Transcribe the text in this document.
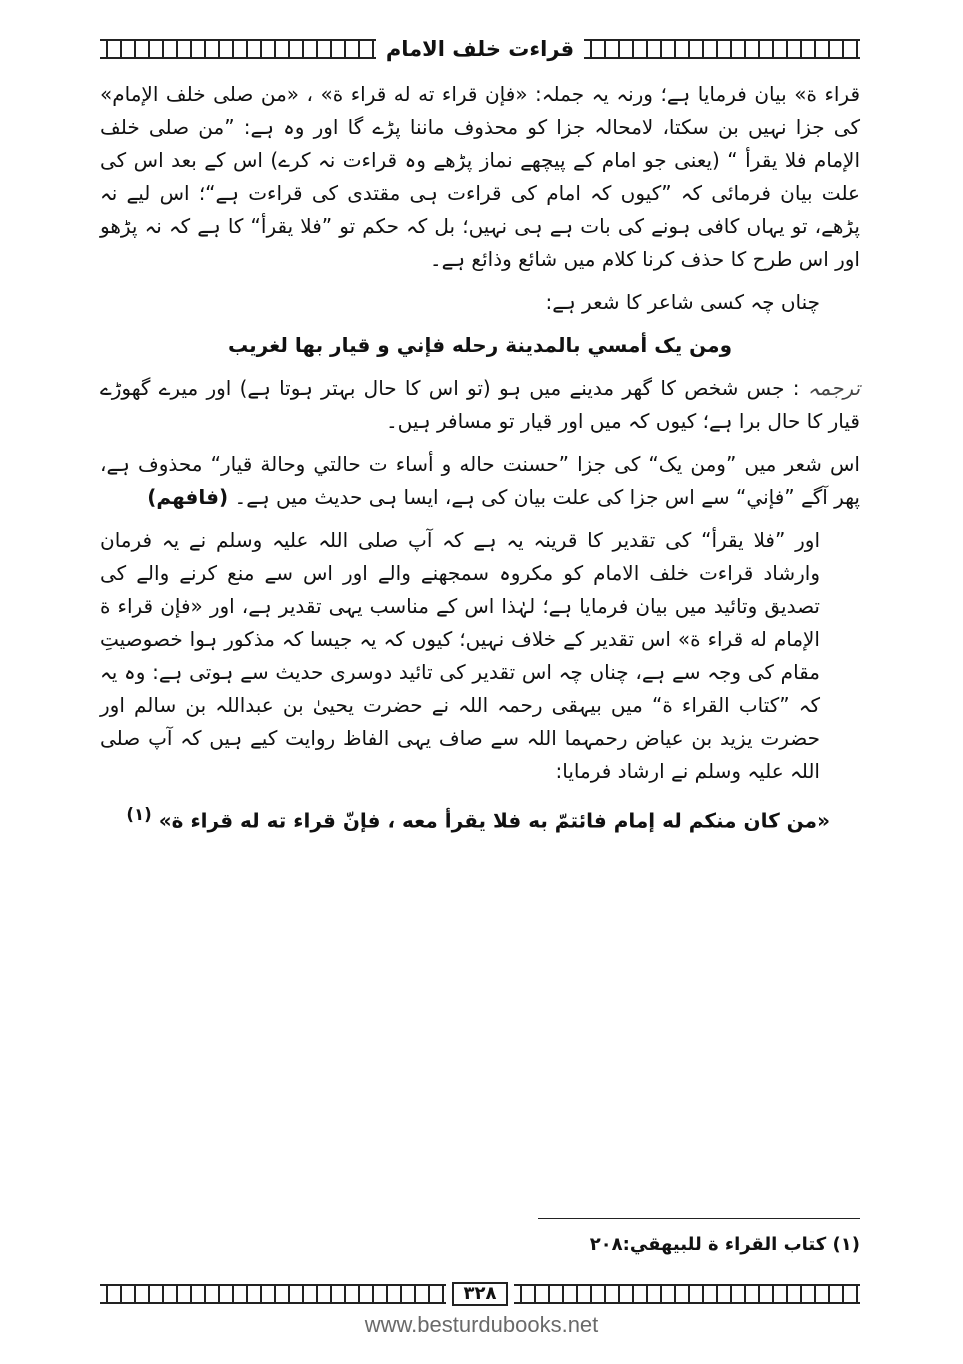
قراءت خلف الامام

قراء ة» بیان فرمایا ہے؛ ورنہ یہ جملہ: «فإن قراء ته له قراء ة» ، «من صلی خلف الإمام» کی جزا نہیں بن سکتا، لامحالہ جزا کو محذوف ماننا پڑے گا اور وہ ہے: ”من صلی خلف الإمام فلا یقرأ “ (یعنی جو امام کے پیچھے نماز پڑھے وہ قراءت نہ کرے) اس کے بعد اس کی علت بیان فرمائی کہ ”کیوں کہ امام کی قراءت ہی مقتدی کی قراءت ہے“؛ اس لیے نہ پڑھے، تو یہاں کافی ہونے کی بات ہے ہی نہیں؛ بل کہ حکم تو ”فلا یقرأ“ کا ہے کہ نہ پڑھو اور اس طرح کا حذف کرنا کلام میں شائع وذائع ہے۔

چناں چہ کسی شاعر کا شعر ہے:

ومن یک أمسي بالمدینة رحله فإني و قیار بها لغریب

ترجمہ : جس شخص کا گھر مدینے میں ہو (تو اس کا حال بہتر ہوتا ہے) اور میرے گھوڑے قیار کا حال برا ہے؛ کیوں کہ میں اور قیار تو مسافر ہیں۔

اس شعر میں ”ومن یک“ کی جزا ”حسنت حاله و أساء ت حالتي وحالة قیار“ محذوف ہے، پھر آگے ”فإني“ سے اس جزا کی علت بیان کی ہے، ایسا ہی حدیث میں ہے۔ (فافهم)

اور ”فلا یقرأ“ کی تقدیر کا قرینہ یہ ہے کہ آپ صلی اللہ علیہ وسلم نے یہ فرمان وارشاد قراءت خلف الامام کو مکروہ سمجھنے والے اور اس سے منع کرنے والے کی تصدیق وتائید میں بیان فرمایا ہے؛ لہٰذا اس کے مناسب یہی تقدیر ہے، اور «فإن قراء ة الإمام له قراء ة» اس تقدیر کے خلاف نہیں؛ کیوں کہ یہ جیسا کہ مذکور ہوا خصوصیتِ مقام کی وجہ سے ہے، چناں چہ اس تقدیر کی تائید دوسری حدیث سے ہوتی ہے: وہ یہ کہ ”کتاب القراء ة“ میں بیہقی رحمہ اللہ نے حضرت یحییٰ بن عبداللہ بن سالم اور حضرت یزید بن عیاض رحمہما اللہ سے صاف یہی الفاظ روایت کیے ہیں کہ آپ صلی اللہ علیہ وسلم نے ارشاد فرمایا:

«من کان منکم له إمام فائتمّ به فلا یقرأ معه ، فإنّ قراء ته له قراء ة» $^{(۱)}$

(۱) کتاب القراء ة للبیهقي:۲۰۸
۳۲۸
www.besturdubooks.net
